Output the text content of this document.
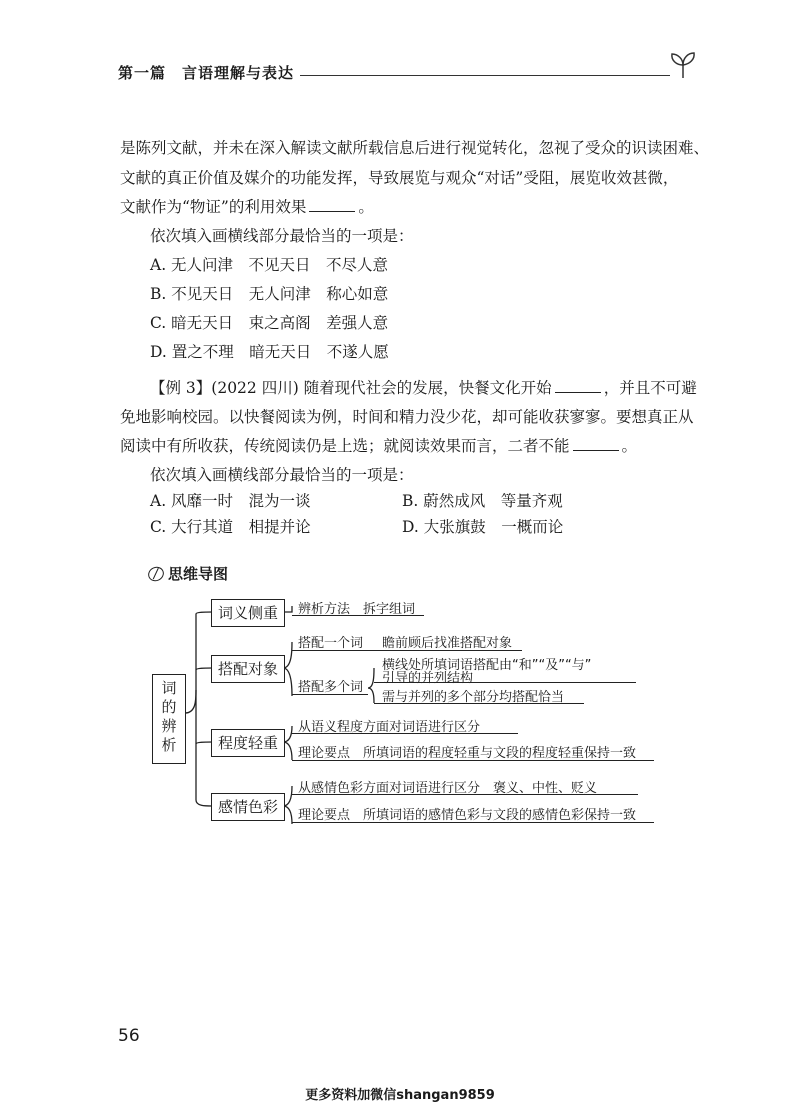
第一篇　言语理解与表达
是陈列文献，并未在深入解读文献所载信息后进行视觉转化，忽视了受众的识读困难、
文献的真正价值及媒介的功能发挥，导致展览与观众“对话”受阻，展览收效甚微，
文献作为“物证”的利用效果	。
依次填入画横线部分最恰当的一项是：
A. 无人问津　不见天日　不尽人意
B. 不见天日　无人问津　称心如意
C. 暗无天日　束之高阁　差强人意
D. 置之不理　暗无天日　不遂人愿
【例 3】(2022 四川) 随着现代社会的发展，快餐文化开始	，并且不可避
免地影响校园。以快餐阅读为例，时间和精力没少花，却可能收获寥寥。要想真正从
阅读中有所收获，传统阅读仍是上选；就阅读效果而言，二者不能	。
依次填入画横线部分最恰当的一项是：
A. 风靡一时　混为一谈	B. 蔚然成风　等量齐观
C. 大行其道　相提并论	D. 大张旗鼓　一概而论
思维导图
词
的
辨
析
词义侧重
搭配对象
程度轻重
感情色彩
辨析方法　拆字组词
搭配一个词 瞻前顾后找准搭配对象
搭配多个词
横线处所填词语搭配由“和”“及”“与”
引导的并列结构
需与并列的多个部分均搭配恰当
从语义程度方面对词语进行区分
理论要点　所填词语的程度轻重与文段的程度轻重保持一致
从感情色彩方面对词语进行区分　褒义、中性、贬义
理论要点　所填词语的感情色彩与文段的感情色彩保持一致
56
更多资料加微信shangan9859
